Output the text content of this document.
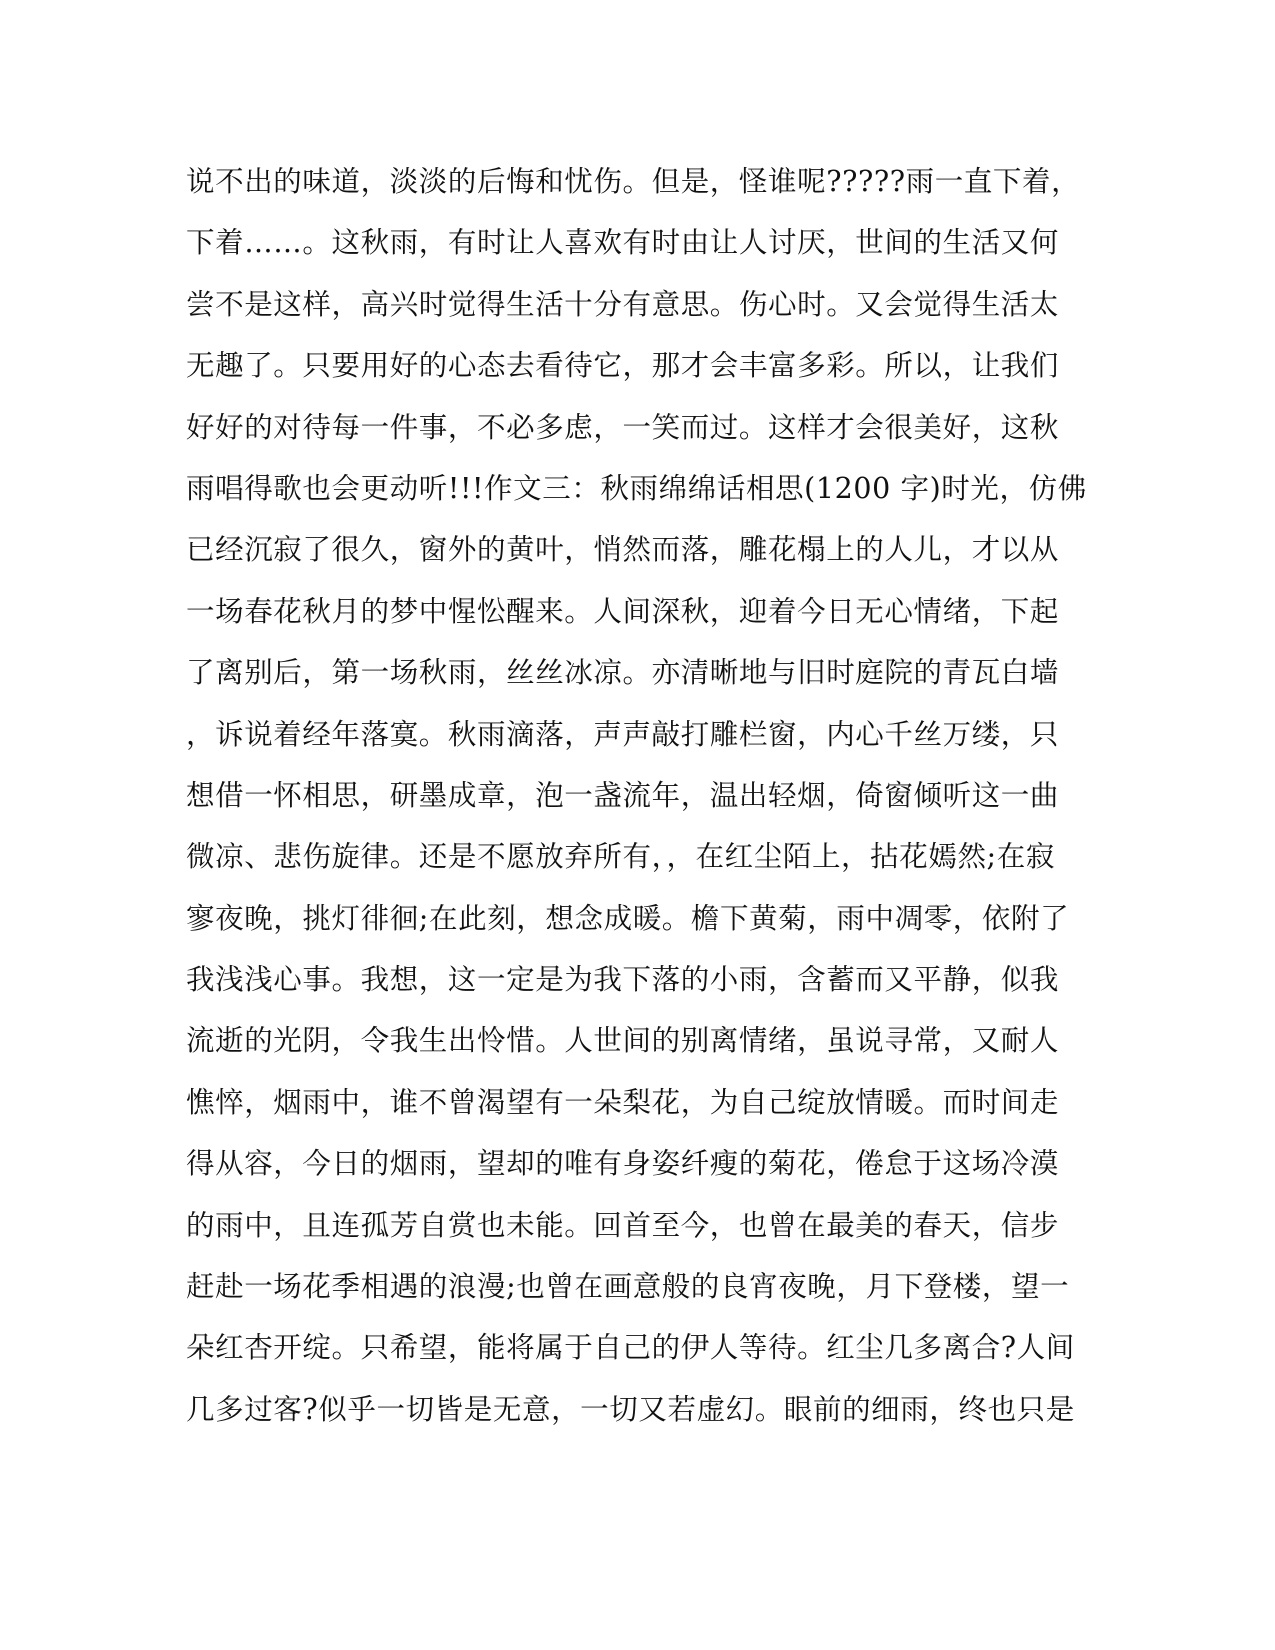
说不出的味道，淡淡的后悔和忧伤。但是，怪谁呢?????雨一直下着，
下着……。这秋雨，有时让人喜欢有时由让人讨厌，世间的生活又何
尝不是这样，高兴时觉得生活十分有意思。伤心时。又会觉得生活太
无趣了。只要用好的心态去看待它，那才会丰富多彩。所以，让我们
好好的对待每一件事，不必多虑，一笑而过。这样才会很美好，这秋
雨唱得歌也会更动听!!!作文三：秋雨绵绵话相思(1200 字)时光，仿佛
已经沉寂了很久，窗外的黄叶，悄然而落，雕花榻上的人儿，才以从
一场春花秋月的梦中惺忪醒来。人间深秋，迎着今日无心情绪，下起
了离别后，第一场秋雨，丝丝冰凉。亦清晰地与旧时庭院的青瓦白墙
，诉说着经年落寞。秋雨滴落，声声敲打雕栏窗，内心千丝万缕，只
想借一怀相思，研墨成章，泡一盏流年，温出轻烟，倚窗倾听这一曲
微凉、悲伤旋律。还是不愿放弃所有，，在红尘陌上，拈花嫣然;在寂
寥夜晚，挑灯徘徊;在此刻，想念成暖。檐下黄菊，雨中凋零，依附了
我浅浅心事。我想，这一定是为我下落的小雨，含蓄而又平静，似我
流逝的光阴，令我生出怜惜。人世间的别离情绪，虽说寻常，又耐人
憔悴，烟雨中，谁不曾渴望有一朵梨花，为自己绽放情暖。而时间走
得从容，今日的烟雨，望却的唯有身姿纤瘦的菊花，倦怠于这场冷漠
的雨中，且连孤芳自赏也未能。回首至今，也曾在最美的春天，信步
赶赴一场花季相遇的浪漫;也曾在画意般的良宵夜晚，月下登楼，望一
朵红杏开绽。只希望，能将属于自己的伊人等待。红尘几多离合?人间
几多过客?似乎一切皆是无意，一切又若虚幻。眼前的细雨，终也只是
